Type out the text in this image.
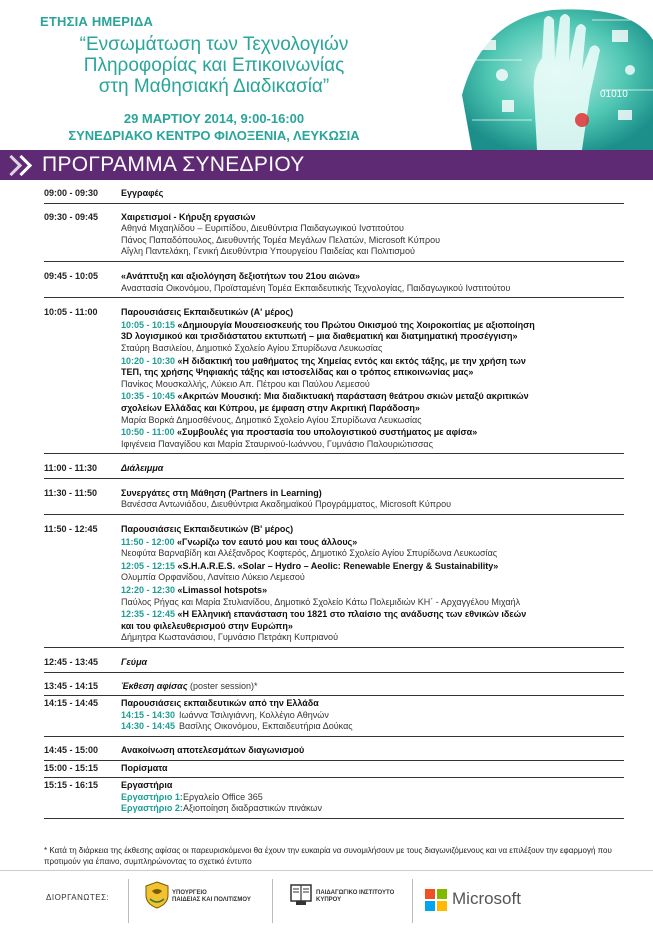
ΕΤΗΣΙΑ ΗΜΕΡΙΔΑ
“Ενσωμάτωση των Τεχνολογιών
Πληροφορίας και Επικοινωνίας
στη Μαθησιακή Διαδικασία”
29 ΜΑΡΤΙΟΥ 2014, 9:00-16:00
ΣΥΝΕΔΡΙΑΚΟ ΚΕΝΤΡΟ ΦΙΛΟΞΕΝΙΑ, ΛΕΥΚΩΣΙΑ
01010
ΠΡΟΓΡΑΜΜΑ ΣΥΝΕΔΡΙΟΥ
09:00 - 09:30	Εγγραφές
09:30 - 09:45	Χαιρετισμοί - Κήρυξη εργασιών
Αθηνά Μιχαηλίδου – Ευριπίδου, Διευθύντρια Παιδαγωγικού Ινστιτούτου
Πάνος Παπαδόπουλος, Διευθυντής Τομέα Μεγάλων Πελατών, Microsoft Κύπρου
Αΐγλη Παντελάκη, Γενική Διευθύντρια Υπουργείου Παιδείας και Πολιτισμού
09:45 - 10:05	«Ανάπτυξη και αξιολόγηση δεξιοτήτων του 21ου αιώνα»
Αναστασία Οικονόμου, Προϊσταμένη Τομέα Εκπαιδευτικής Τεχνολογίας, Παιδαγωγικού Ινστιτούτου
10:05 - 11:00	Παρουσιάσεις Εκπαιδευτικών (Α' μέρος)
10:05 - 10:15 «Δημιουργία Μουσειοσκευής του Πρώτου Οικισμού της Χοιροκοιτίας με αξιοποίηση
3D λογισμικού και τρισδιάστατου εκτυπωτή – μια διαθεματική και διατμηματική προσέγγιση»
Σταύρη Βασιλείου, Δημοτικό Σχολείο Αγίου Σπυρίδωνα Λευκωσίας
10:20 - 10:30 «Η διδακτική του μαθήματος της Χημείας εντός και εκτός τάξης, με την χρήση των
ΤΕΠ, της χρήσης Ψηφιακής τάξης και ιστοσελίδας και ο τρόπος επικοινωνίας μας»
Πανίκος Μουσκαλλής, Λύκειο Απ. Πέτρου και Παύλου Λεμεσού
10:35 - 10:45 «Ακριτών Μουσική: Μια διαδικτυακή παράσταση θεάτρου σκιών μεταξύ ακριτικών
σχολείων Ελλάδας και Κύπρου, με έμφαση στην Ακριτική Παράδοση»
Μαρία Βορκά Δημοσθένους, Δημοτικό Σχολείο Αγίου Σπυρίδωνα Λευκωσίας
10:50 - 11:00 «Συμβουλές για προστασία του υπολογιστικού συστήματος με αφίσα»
Ιφιγένεια Παναγίδου και Μαρία Σταυρινού-Ιωάννου, Γυμνάσιο Παλουριώτισσας
11:00 - 11:30	Διάλειμμα
11:30 - 11:50	Συνεργάτες στη Μάθηση (Partners in Learning)
Βανέσσα Αντωνιάδου, Διευθύντρια Ακαδημαϊκού Προγράμματος, Microsoft Κύπρου
11:50 - 12:45	Παρουσιάσεις Εκπαιδευτικών (Β' μέρος)
11:50 - 12:00 «Γνωρίζω τον εαυτό μου και τους άλλους»
Νεοφύτα Βαρναβίδη και Αλέξανδρος Κοφτερός, Δημοτικό Σχολείο Αγίου Σπυρίδωνα Λευκωσίας
12:05 - 12:15 «S.H.A.R.E.S. «Solar – Hydro – Aeolic: Renewable Energy & Sustainability»
Ολυμπία Ορφανίδου, Λανίτειο Λύκειο Λεμεσού
12:20 - 12:30 «Limassol hotspots»
Παύλος Ρήγας και Μαρία Στυλιανίδου, Δημοτικό Σχολείο Κάτω Πολεμιδιών ΚΗ΄ - Αρχαγγέλου Μιχαήλ
12:35 - 12:45 «Η Ελληνική επανάσταση του 1821 στο πλαίσιο της ανάδυσης των εθνικών ιδεών
και του φιλελευθερισμού στην Ευρώπη»
Δήμητρα Κωστανάσιου, Γυμνάσιο Πετράκη Κυπριανού
12:45 - 13:45	Γεύμα
13:45 - 14:15	Έκθεση αφίσας (poster session)*
14:15 - 14:45	Παρουσιάσεις εκπαιδευτικών από την Ελλάδα
14:15 - 14:30 Ιωάννα Τσιλιγιάννη, Κολλέγιο Αθηνών
14:30 - 14:45 Βασίλης Οικονόμου, Εκπαιδευτήρια Δούκας
14:45 - 15:00	Ανακοίνωση αποτελεσμάτων διαγωνισμού
15:00 - 15:15	Πορίσματα
15:15 - 16:15	Εργαστήρια
Εργαστήριο 1: Εργαλείο Office 365
Εργαστήριο 2: Αξιοποίηση διαδραστικών πινάκων
* Κατά τη διάρκεια της έκθεσης αφίσας οι παρευρισκόμενοι θα έχουν την ευκαιρία να συνομιλήσουν με τους διαγωνιζόμενους και να επιλέξουν την εφαρμογή που προτιμούν για έπαινο, συμπληρώνοντας το σχετικό έντυπο
ΔΙΟΡΓΑΝΩΤΕΣ:	ΥΠΟΥΡΓΕΙΟ
ΠΑΙΔΕΙΑΣ ΚΑΙ ΠΟΛΙΤΙΣΜΟΥ
ΠΑΙΔΑΓΩΓΙΚΟ ΙΝΣΤΙΤΟΥΤΟ
ΚΥΠΡΟΥ	Microsoft
